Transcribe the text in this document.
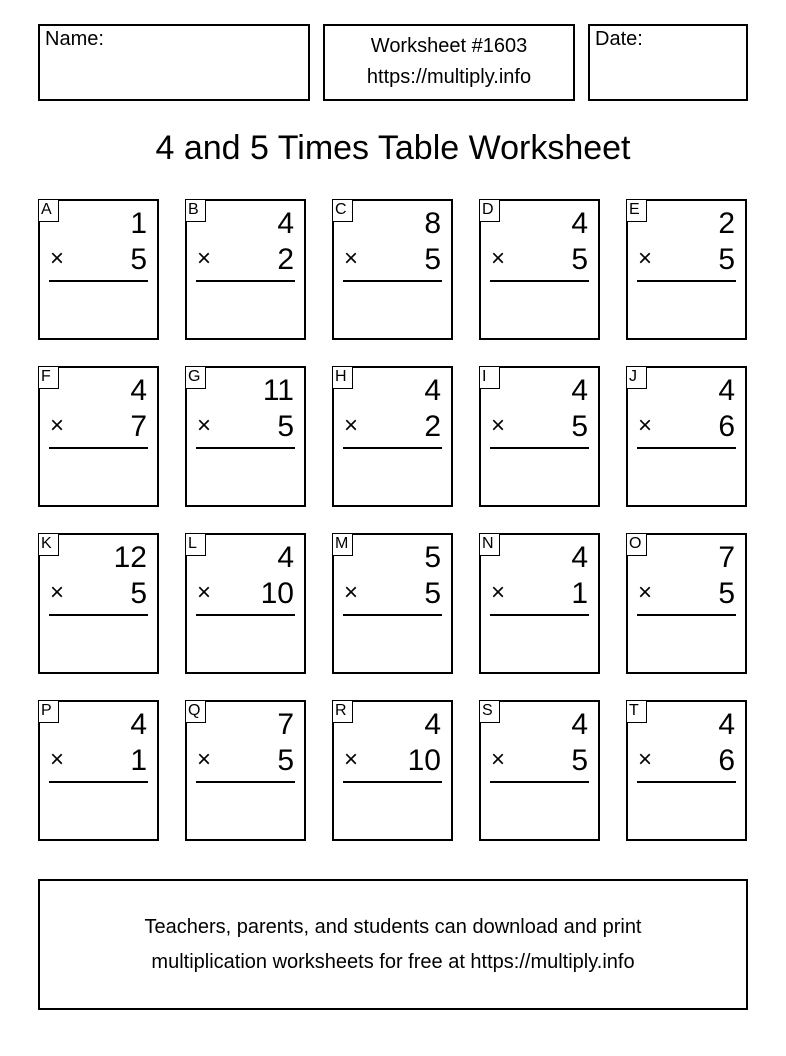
Name:	Worksheet #1603
https://multiply.info
Date:
4 and 5 Times Table Worksheet
A	1
× 5
B	4
× 2
C	8
× 5
D	4
× 5
E	2
× 5
F	4
× 7
G 11
× 5
H	4
× 2
I	4
× 5
J	4
× 6
K 12
× 5
L	4
× 10
M	5
× 5
N	4
× 1
O	7
× 5
P	4
× 1
Q	7
× 5
R	4
× 10
S	4
× 5
T	4
× 6
Teachers, parents, and students can download and print
multiplication worksheets for free at https://multiply.info
